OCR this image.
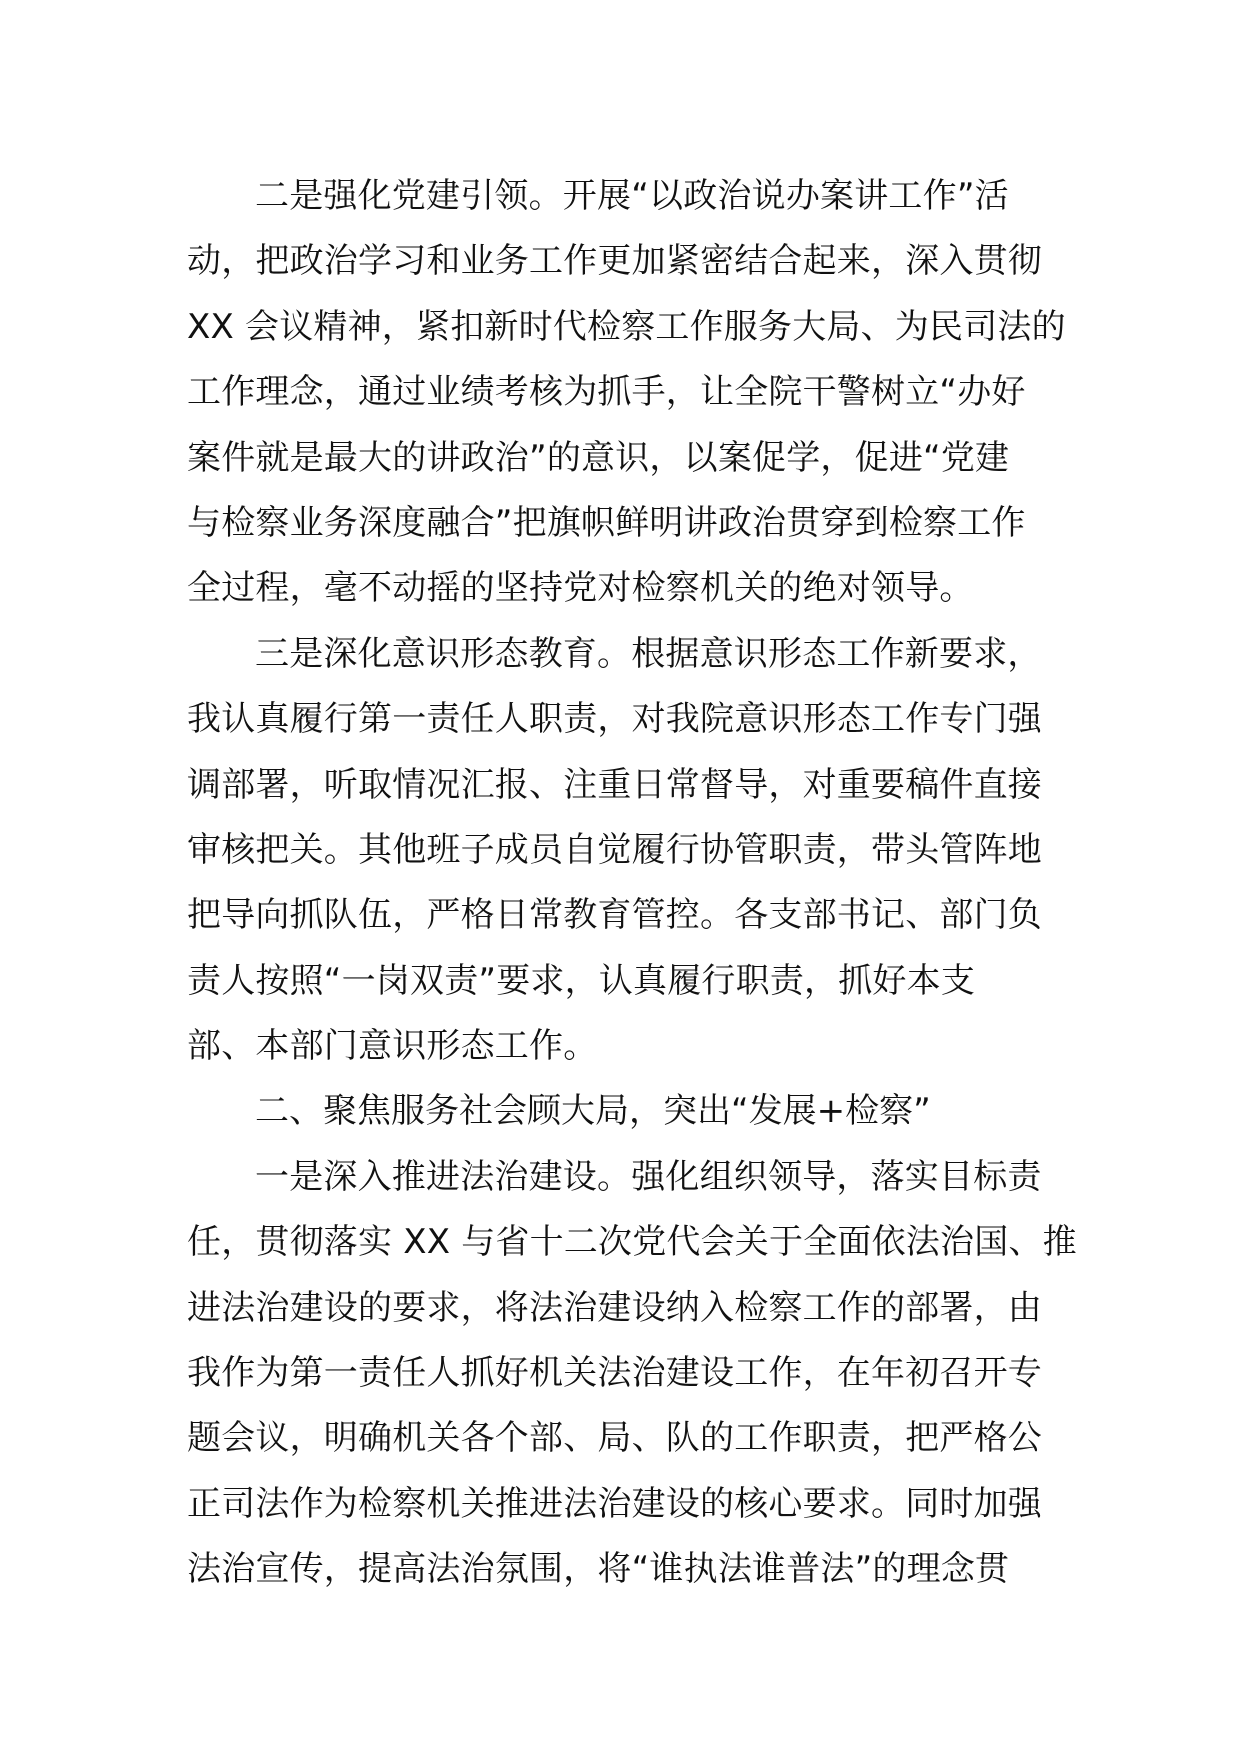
二是强化党建引领。开展“以政治说办案讲工作”活
动，把政治学习和业务工作更加紧密结合起来，深入贯彻
XX 会议精神，紧扣新时代检察工作服务大局、为民司法的
工作理念，通过业绩考核为抓手，让全院干警树立“办好
案件就是最大的讲政治”的意识，以案促学，促进“党建
与检察业务深度融合”把旗帜鲜明讲政治贯穿到检察工作
全过程，毫不动摇的坚持党对检察机关的绝对领导。
三是深化意识形态教育。根据意识形态工作新要求，
我认真履行第一责任人职责，对我院意识形态工作专门强
调部署，听取情况汇报、注重日常督导，对重要稿件直接
审核把关。其他班子成员自觉履行协管职责，带头管阵地
把导向抓队伍，严格日常教育管控。各支部书记、部门负
责人按照“一岗双责”要求，认真履行职责，抓好本支
部、本部门意识形态工作。
二、聚焦服务社会顾大局，突出“发展+检察”
一是深入推进法治建设。强化组织领导，落实目标责
任，贯彻落实 XX 与省十二次党代会关于全面依法治国、推
进法治建设的要求，将法治建设纳入检察工作的部署，由
我作为第一责任人抓好机关法治建设工作，在年初召开专
题会议，明确机关各个部、局、队的工作职责，把严格公
正司法作为检察机关推进法治建设的核心要求。同时加强
法治宣传，提高法治氛围，将“谁执法谁普法”的理念贯
